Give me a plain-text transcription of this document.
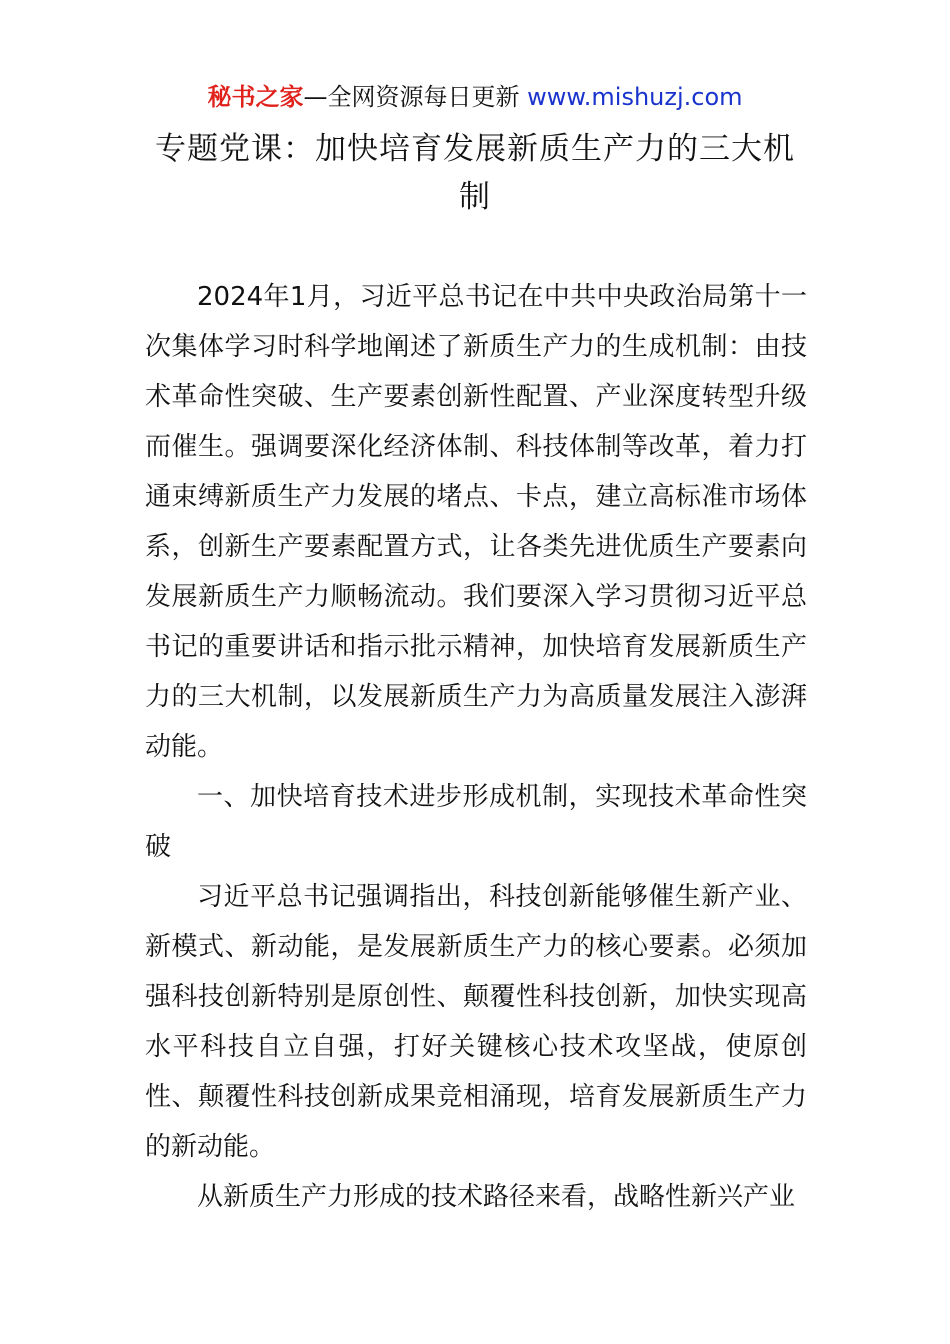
秘书之家—全网资源每日更新 www.mishuzj.com
专题党课：加快培育发展新质生产力的三大机制

2024年1月，习近平总书记在中共中央政治局第十一次集体学习时科学地阐述了新质生产力的生成机制：由技术革命性突破、生产要素创新性配置、产业深度转型升级而催生。强调要深化经济体制、科技体制等改革，着力打通束缚新质生产力发展的堵点、卡点，建立高标准市场体系，创新生产要素配置方式，让各类先进优质生产要素向发展新质生产力顺畅流动。我们要深入学习贯彻习近平总书记的重要讲话和指示批示精神，加快培育发展新质生产力的三大机制，以发展新质生产力为高质量发展注入澎湃动能。

一、加快培育技术进步形成机制，实现技术革命性突破

习近平总书记强调指出，科技创新能够催生新产业、新模式、新动能，是发展新质生产力的核心要素。必须加强科技创新特别是原创性、颠覆性科技创新，加快实现高水平科技自立自强，打好关键核心技术攻坚战，使原创性、颠覆性科技创新成果竞相涌现，培育发展新质生产力的新动能。

从新质生产力形成的技术路径来看，战略性新兴产业
